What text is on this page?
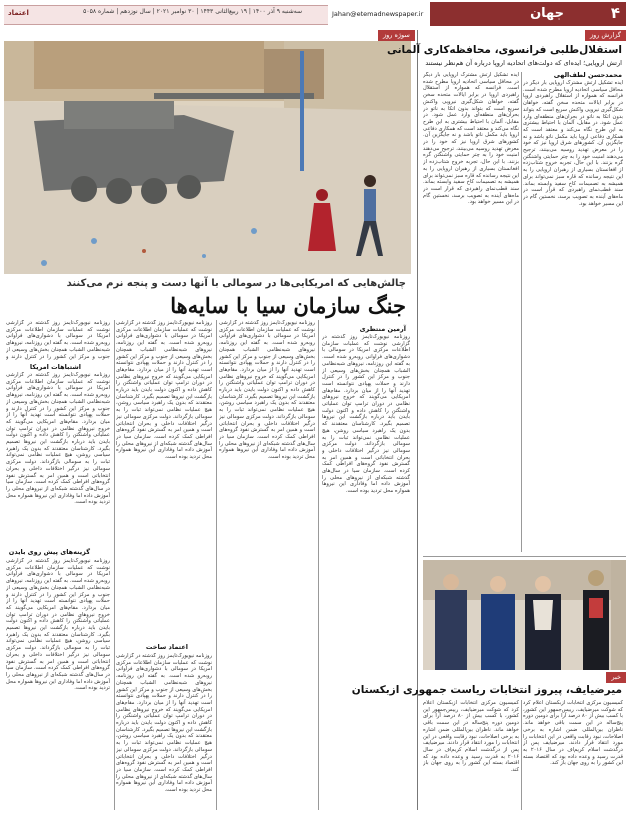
سه‌شنبه ۹ آذر ۱۴۰۰ | ۱۹ ربیع‌الثانی ۱۴۴۳ | ۳۰ نوامبر ۲۰۲۱ | سال نوزدهم | شماره ۵۰۵۸
اعتماد	Jahan@etemadnewspaper.ir	جهان	۴
سوژه روز
چالش‌هایی که امریکایی‌ها در سومالی با آنها دست و پنجه نرم می‌کنند
جنگ سازمان سیا با سایه‌ها
آرمین منتظری

روزنامه نیویورک‌تایمز روز گذشته در گزارشی نوشت که عملیات سازمان اطلاعات مرکزی امریکا در سومالی با دشواری‌های فراوانی روبه‌رو شده است. به گفته این روزنامه، نیروهای شبه‌نظامی الشباب همچنان بخش‌های وسیعی از جنوب و مرکز این کشور را در کنترل دارند و حملات پهپادی نتوانسته است تهدید آنها را از میان بردارد. مقام‌های امریکایی می‌گویند که خروج نیروهای نظامی در دوران ترامپ توان عملیاتی واشنگتن را کاهش داده و اکنون دولت بایدن باید درباره بازگشت این نیروها تصمیم بگیرد. کارشناسان معتقدند که بدون یک راهبرد سیاسی روشن، هیچ عملیات نظامی نمی‌تواند ثبات را به سومالی بازگرداند. دولت مرکزی سومالی نیز درگیر اختلافات داخلی و بحران انتخاباتی است و همین امر به گسترش نفوذ گروه‌های افراطی کمک کرده است. سازمان سیا در سال‌های گذشته شبکه‌ای از نیروهای محلی را آموزش داده اما وفاداری این نیروها همواره محل تردید بوده است.

روزنامه نیویورک‌تایمز روز گذشته در گزارشی نوشت که عملیات سازمان اطلاعات مرکزی امریکا در سومالی با دشواری‌های فراوانی روبه‌رو شده است. به گفته این روزنامه، نیروهای شبه‌نظامی الشباب همچنان بخش‌های وسیعی از جنوب و مرکز این کشور را در کنترل دارند و حملات پهپادی نتوانسته است تهدید آنها را از میان بردارد. مقام‌های امریکایی می‌گویند که خروج نیروهای نظامی در دوران ترامپ توان عملیاتی واشنگتن را کاهش داده و اکنون دولت بایدن باید درباره بازگشت این نیروها تصمیم بگیرد. کارشناسان معتقدند که بدون یک راهبرد سیاسی روشن، هیچ عملیات نظامی نمی‌تواند ثبات را به سومالی بازگرداند. دولت مرکزی سومالی نیز درگیر اختلافات داخلی و بحران انتخاباتی است و همین امر به گسترش نفوذ گروه‌های افراطی کمک کرده است. سازمان سیا در سال‌های گذشته شبکه‌ای از نیروهای محلی را آموزش داده اما وفاداری این نیروها همواره محل تردید بوده است.

روزنامه نیویورک‌تایمز روز گذشته در گزارشی نوشت که عملیات سازمان اطلاعات مرکزی امریکا در سومالی با دشواری‌های فراوانی روبه‌رو شده است. به گفته این روزنامه، نیروهای شبه‌نظامی الشباب همچنان بخش‌های وسیعی از جنوب و مرکز این کشور را در کنترل دارند و حملات پهپادی نتوانسته است تهدید آنها را از میان بردارد. مقام‌های امریکایی می‌گویند که خروج نیروهای نظامی در دوران ترامپ توان عملیاتی واشنگتن را کاهش داده و اکنون دولت بایدن باید درباره بازگشت این نیروها تصمیم بگیرد. کارشناسان معتقدند که بدون یک راهبرد سیاسی روشن، هیچ عملیات نظامی نمی‌تواند ثبات را به سومالی بازگرداند. دولت مرکزی سومالی نیز درگیر اختلافات داخلی و بحران انتخاباتی است و همین امر به گسترش نفوذ گروه‌های افراطی کمک کرده است. سازمان سیا در سال‌های گذشته شبکه‌ای از نیروهای محلی را آموزش داده اما وفاداری این نیروها همواره محل تردید بوده است.

اعتماد ساخت

روزنامه نیویورک‌تایمز روز گذشته در گزارشی نوشت که عملیات سازمان اطلاعات مرکزی امریکا در سومالی با دشواری‌های فراوانی روبه‌رو شده است. به گفته این روزنامه، نیروهای شبه‌نظامی الشباب همچنان بخش‌های وسیعی از جنوب و مرکز این کشور را در کنترل دارند و حملات پهپادی نتوانسته است تهدید آنها را از میان بردارد. مقام‌های امریکایی می‌گویند که خروج نیروهای نظامی در دوران ترامپ توان عملیاتی واشنگتن را کاهش داده و اکنون دولت بایدن باید درباره بازگشت این نیروها تصمیم بگیرد. کارشناسان معتقدند که بدون یک راهبرد سیاسی روشن، هیچ عملیات نظامی نمی‌تواند ثبات را به سومالی بازگرداند. دولت مرکزی سومالی نیز درگیر اختلافات داخلی و بحران انتخاباتی است و همین امر به گسترش نفوذ گروه‌های افراطی کمک کرده است. سازمان سیا در سال‌های گذشته شبکه‌ای از نیروهای محلی را آموزش داده اما وفاداری این نیروها همواره محل تردید بوده است.

روزنامه نیویورک‌تایمز روز گذشته در گزارشی نوشت که عملیات سازمان اطلاعات مرکزی امریکا در سومالی با دشواری‌های فراوانی روبه‌رو شده است. به گفته این روزنامه، نیروهای شبه‌نظامی الشباب همچنان بخش‌های وسیعی از جنوب و مرکز این کشور را در کنترل دارند و

اشتباهات امریکا

روزنامه نیویورک‌تایمز روز گذشته در گزارشی نوشت که عملیات سازمان اطلاعات مرکزی امریکا در سومالی با دشواری‌های فراوانی روبه‌رو شده است. به گفته این روزنامه، نیروهای شبه‌نظامی الشباب همچنان بخش‌های وسیعی از جنوب و مرکز این کشور را در کنترل دارند و حملات پهپادی نتوانسته است تهدید آنها را از میان بردارد. مقام‌های امریکایی می‌گویند که خروج نیروهای نظامی در دوران ترامپ توان عملیاتی واشنگتن را کاهش داده و اکنون دولت بایدن باید درباره بازگشت این نیروها تصمیم بگیرد. کارشناسان معتقدند که بدون یک راهبرد سیاسی روشن، هیچ عملیات نظامی نمی‌تواند ثبات را به سومالی بازگرداند. دولت مرکزی سومالی نیز درگیر اختلافات داخلی و بحران انتخاباتی است و همین امر به گسترش نفوذ گروه‌های افراطی کمک کرده است. سازمان سیا در سال‌های گذشته شبکه‌ای از نیروهای محلی را آموزش داده اما وفاداری این نیروها همواره محل تردید بوده است.

گزینه‌های پیش روی بایدن

روزنامه نیویورک‌تایمز روز گذشته در گزارشی نوشت که عملیات سازمان اطلاعات مرکزی امریکا در سومالی با دشواری‌های فراوانی روبه‌رو شده است. به گفته این روزنامه، نیروهای شبه‌نظامی الشباب همچنان بخش‌های وسیعی از جنوب و مرکز این کشور را در کنترل دارند و حملات پهپادی نتوانسته است تهدید آنها را از میان بردارد. مقام‌های امریکایی می‌گویند که خروج نیروهای نظامی در دوران ترامپ توان عملیاتی واشنگتن را کاهش داده و اکنون دولت بایدن باید درباره بازگشت این نیروها تصمیم بگیرد. کارشناسان معتقدند که بدون یک راهبرد سیاسی روشن، هیچ عملیات نظامی نمی‌تواند ثبات را به سومالی بازگرداند. دولت مرکزی سومالی نیز درگیر اختلافات داخلی و بحران انتخاباتی است و همین امر به گسترش نفوذ گروه‌های افراطی کمک کرده است. سازمان سیا در سال‌های گذشته شبکه‌ای از نیروهای محلی را آموزش داده اما وفاداری این نیروها همواره محل تردید بوده است.

گزارش روز
استقلال‌طلبی فرانسوی، محافظه‌کاری آلمانی
ارتش اروپایی؛ ایده‌ای که دولت‌های اتحادیه اروپا درباره آن هم‌نظر نیستند
محمدحسن لطف‌الهی

ایده تشکیل ارتش مشترک اروپایی بار دیگر در محافل سیاسی اتحادیه اروپا مطرح شده است. فرانسه که همواره از استقلال راهبردی اروپا در برابر ایالات متحده سخن گفته، خواهان شکل‌گیری نیرویی واکنش سریع است که بتواند بدون اتکا به ناتو در بحران‌های منطقه‌ای وارد عمل شود. در مقابل، آلمان با احتیاط بیشتری به این طرح نگاه می‌کند و معتقد است که همکاری دفاعی اروپا باید مکمل ناتو باشد و نه جایگزین آن. کشورهای شرق اروپا نیز که خود را در معرض تهدید روسیه می‌بینند، ترجیح می‌دهند امنیت خود را به چتر حمایتی واشنگتن گره بزنند. با این حال، تجربه خروج شتاب‌زده از افغانستان بسیاری از رهبران اروپایی را به این نتیجه رسانده که قاره سبز نمی‌تواند برای همیشه به تصمیمات کاخ سفید وابسته بماند. سند قطب‌نمای راهبردی که قرار است در ماه‌های آینده به تصویب برسد، نخستین گام در این مسیر خواهد بود.

ایده تشکیل ارتش مشترک اروپایی بار دیگر در محافل سیاسی اتحادیه اروپا مطرح شده است. فرانسه که همواره از استقلال راهبردی اروپا در برابر ایالات متحده سخن گفته، خواهان شکل‌گیری نیرویی واکنش سریع است که بتواند بدون اتکا به ناتو در بحران‌های منطقه‌ای وارد عمل شود. در مقابل، آلمان با احتیاط بیشتری به این طرح نگاه می‌کند و معتقد است که همکاری دفاعی اروپا باید مکمل ناتو باشد و نه جایگزین آن. کشورهای شرق اروپا نیز که خود را در معرض تهدید روسیه می‌بینند، ترجیح می‌دهند امنیت خود را به چتر حمایتی واشنگتن گره بزنند. با این حال، تجربه خروج شتاب‌زده از افغانستان بسیاری از رهبران اروپایی را به این نتیجه رسانده که قاره سبز نمی‌تواند برای همیشه به تصمیمات کاخ سفید وابسته بماند. سند قطب‌نمای راهبردی که قرار است در ماه‌های آینده به تصویب برسد، نخستین گام در این مسیر خواهد بود.

خبر
میرضیایف، پیروز انتخابات ریاست جمهوری ازبکستان

کمیسیون مرکزی انتخابات ازبکستان اعلام کرد که شوکت میرضیایف، رییس‌جمهور این کشور، با کسب بیش از ۸۰ درصد آرا برای دومین دوره پنج‌ساله در این سمت باقی خواهد ماند. ناظران بین‌المللی ضمن اشاره به برخی اصلاحات، نبود رقابت واقعی در این انتخابات را مورد انتقاد قرار دادند. میرضیایف پس از درگذشت اسلام کریم‌اف در سال ۲۰۱۶ به قدرت رسید و وعده داده بود که اقتصاد بسته این کشور را به روی جهان باز کند.

کمیسیون مرکزی انتخابات ازبکستان اعلام کرد که شوکت میرضیایف، رییس‌جمهور این کشور، با کسب بیش از ۸۰ درصد آرا برای دومین دوره پنج‌ساله در این سمت باقی خواهد ماند. ناظران بین‌المللی ضمن اشاره به برخی اصلاحات، نبود رقابت واقعی در این انتخابات را مورد انتقاد قرار دادند. میرضیایف پس از درگذشت اسلام کریم‌اف در سال ۲۰۱۶ به قدرت رسید و وعده داده بود که اقتصاد بسته این کشور را به روی جهان باز کند.
